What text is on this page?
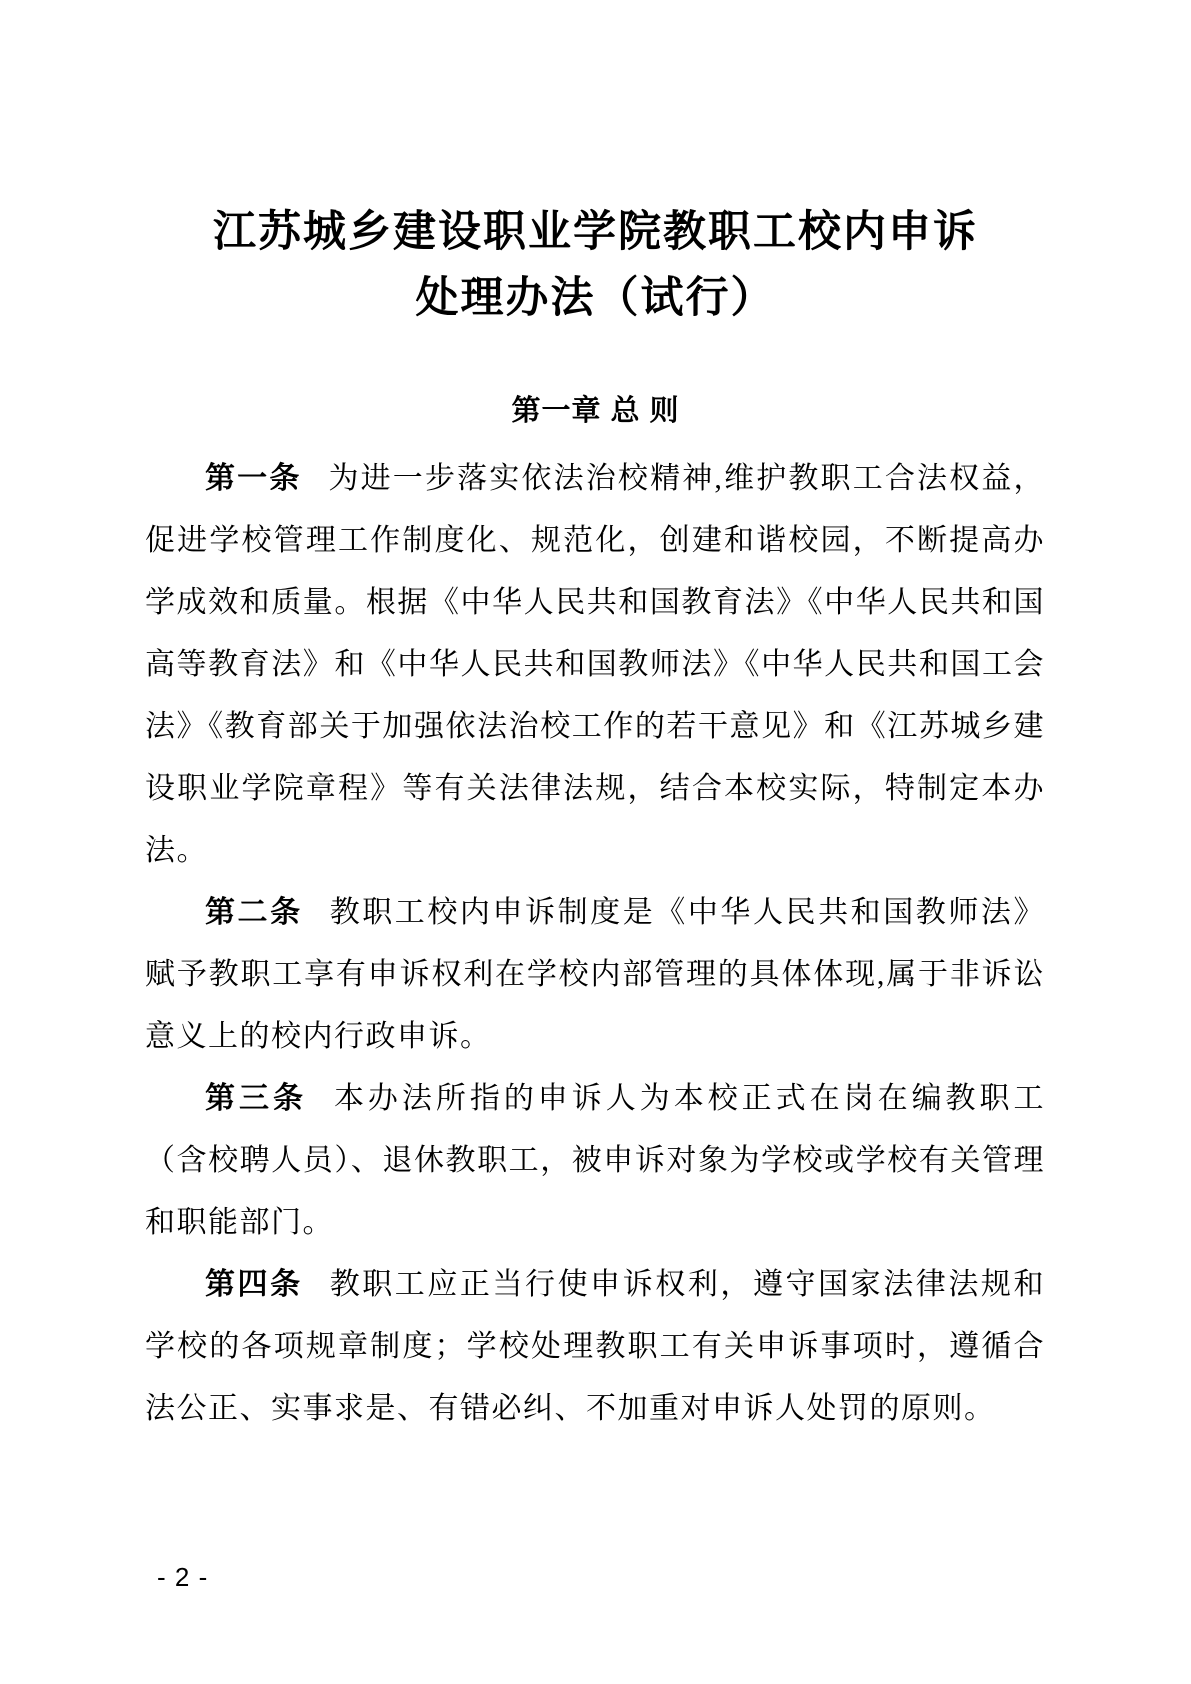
江苏城乡建设职业学院教职工校内申诉
处理办法（试行）
第一章 总 则

第一条 为进一步落实依法治校精神,维护教职工合法权益，促进学校管理工作制度化、规范化，创建和谐校园，不断提高办学成效和质量。根据《中华人民共和国教育法》《中华人民共和国高等教育法》和《中华人民共和国教师法》《中华人民共和国工会法》《教育部关于加强依法治校工作的若干意见》和《江苏城乡建设职业学院章程》等有关法律法规，结合本校实际，特制定本办法。

第二条 教职工校内申诉制度是《中华人民共和国教师法》赋予教职工享有申诉权利在学校内部管理的具体体现,属于非诉讼意义上的校内行政申诉。

第三条 本办法所指的申诉人为本校正式在岗在编教职工（含校聘人员）、退休教职工，被申诉对象为学校或学校有关管理和职能部门。

第四条 教职工应正当行使申诉权利，遵守国家法律法规和学校的各项规章制度；学校处理教职工有关申诉事项时，遵循合法公正、实事求是、有错必纠、不加重对申诉人处罚的原则。

- 2 -
